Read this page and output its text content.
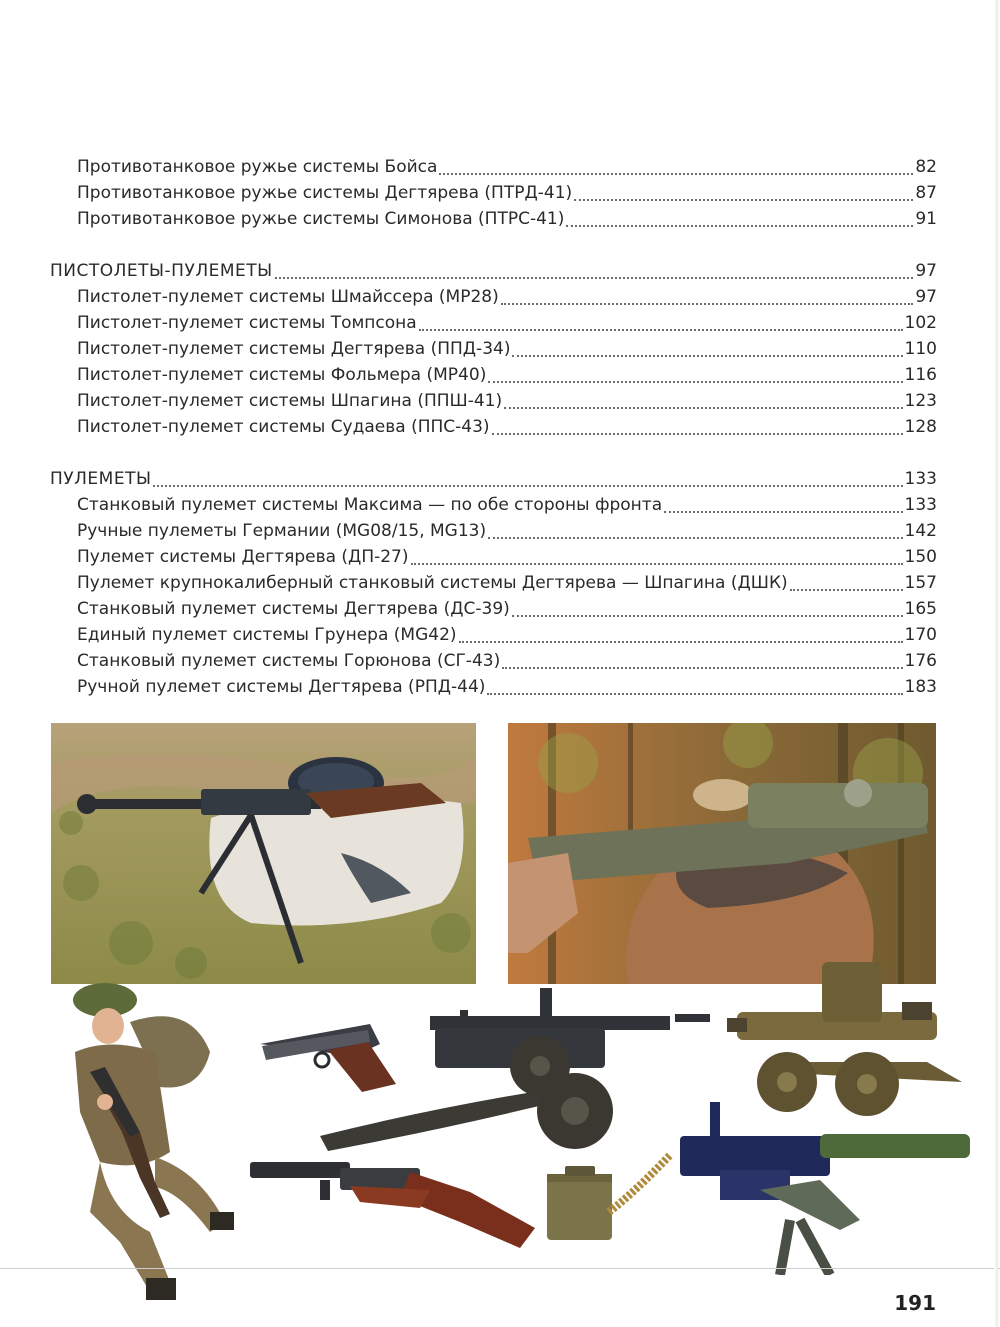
Противотанковое ружье системы Бойса	82
Противотанковое ружье системы Дегтярева (ПТРД-41)	87
Противотанковое ружье системы Симонова (ПТРС-41)	91
ПИСТОЛЕТЫ-ПУЛЕМЕТЫ	97
Пистолет-пулемет системы Шмайссера (МР28)	97
Пистолет-пулемет системы Томпсона	102
Пистолет-пулемет системы Дегтярева (ППД-34)	110
Пистолет-пулемет системы Фольмера (МР40)	116
Пистолет-пулемет системы Шпагина (ППШ-41)	123
Пистолет-пулемет системы Судаева (ППС-43)	128
ПУЛЕМЕТЫ	133
Станковый пулемет системы Максима — по обе стороны фронта	133
Ручные пулеметы Германии (MG08/15, MG13)	142
Пулемет системы Дегтярева (ДП-27)	150
Пулемет крупнокалиберный станковый системы Дегтярева — Шпагина (ДШК)	157
Станковый пулемет системы Дегтярева (ДС-39)	165
Единый пулемет системы Грунера (MG42)	170
Станковый пулемет системы Горюнова (СГ-43)	176
Ручной пулемет системы Дегтярева (РПД-44)	183
191
